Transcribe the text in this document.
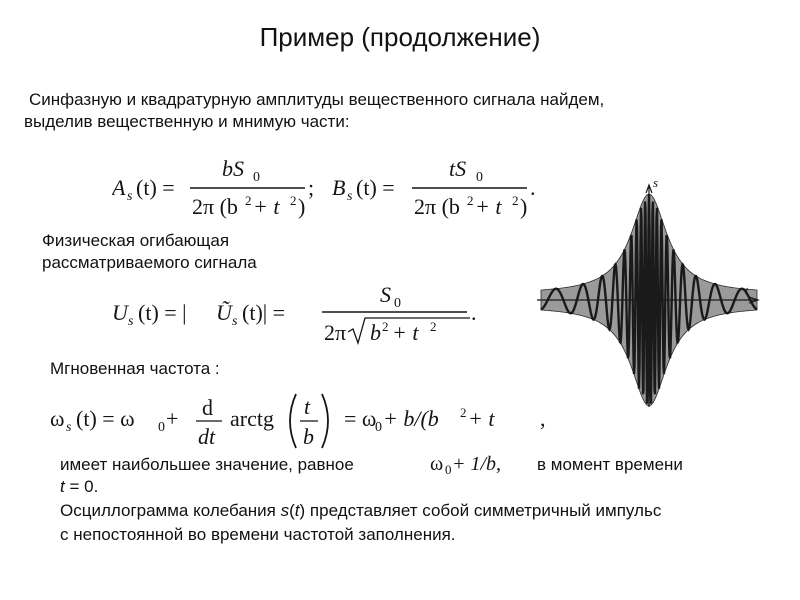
Пример (продолжение)
Синфазную и квадратурную амплитуды вещественного сигнала найдем,
выделив вещественную и мнимую части:
A s (t) =
bS 0
2π (b 2 + t 2 )
; B s (t) =
tS 0
2π (b 2 + t 2 )
.
Физическая огибающая
рассматриваемого сигнала
U s (t) = | Ũ s (t)| =
S 0
2π b 2 + t 2
.
Мгновенная частота :
ω s (t) = ω 0 + d
dt
arctg t
b
= ω
0 + b/(b 2 + t ,
имеет наибольшее значение, равное	ω 0 + 1/b, в момент времени
t = 0.
Осциллограмма колебания s(t) представляет собой симметричный импульс
с непостоянной во времени частотой заполнения.
s
t
